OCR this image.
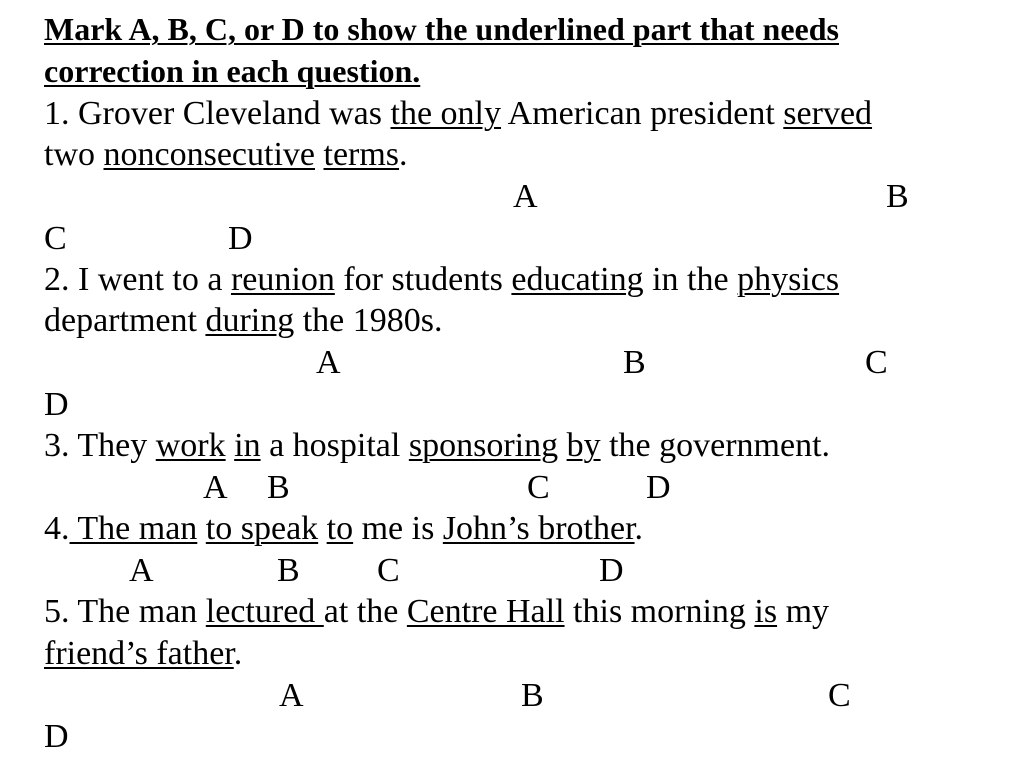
Mark A, B, C, or D to show the underlined part that needs
correction in each question.
1. Grover Cleveland was the only American president served
two nonconsecutive terms.
A	B
C	D
2. I went to a reunion for students educating in the physics
department during the 1980s.
A	B	C
D
3. They work in a hospital sponsoring by the government.
A B	C	D
4. The man to speak to me is John’s brother.
A	B C	D
5. The man lectured at the Centre Hall this morning is my
friend’s father.
A	B	C
D
